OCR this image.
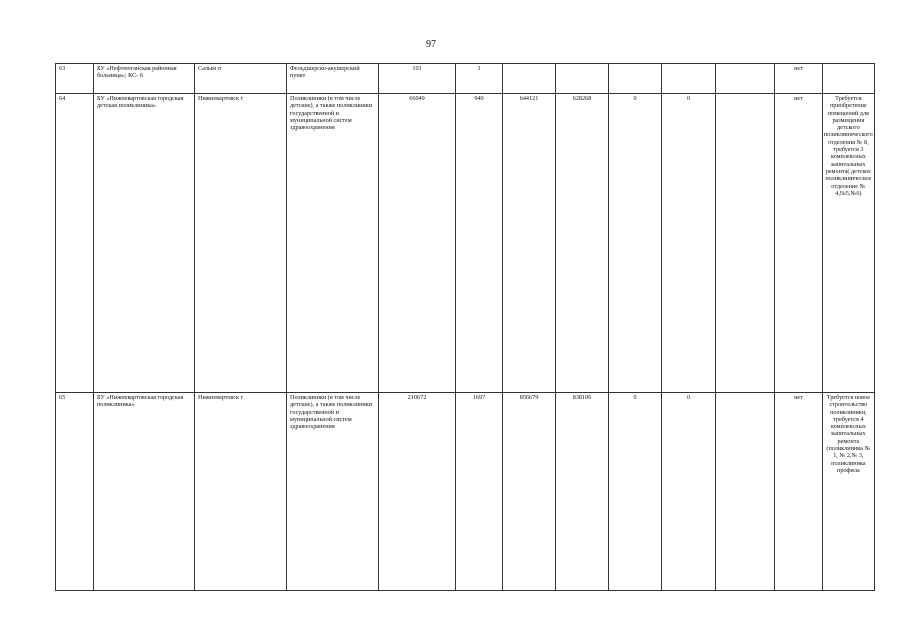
97
63	БУ «Нефтеюганская районная больница»; КС- 6	Салым п	Фельдшерско-акушерский пункт	101	1						нет	
64	БУ «Нижневартовская городская детская поликлиника»	Нижневартовск г	Поликлиники (в том числе детские), а также поликлиники государственной и муниципальной систем здравоохранения	66049	940	644121	628268	0	0		нет	Требуется приобретение помещений для размещения детского поликлинического отделения № 8, требуется 3 комплексных капитальных ремонта( детское поликлиническое отделение № 4,№5,№6)
65	БУ «Нижневартовская городская поликлиника»	Нижневартовск г	Поликлиники (в том числе детские), а также поликлиники государственной и муниципальной систем здравоохранения	210672	1697	856679	838106	0	0		нет	Требуется новое строительство поликлиники, требуется 4 комплексных капитальных ремонта (поликлиника № 1, № 2,№ 3, поликлиника профила
